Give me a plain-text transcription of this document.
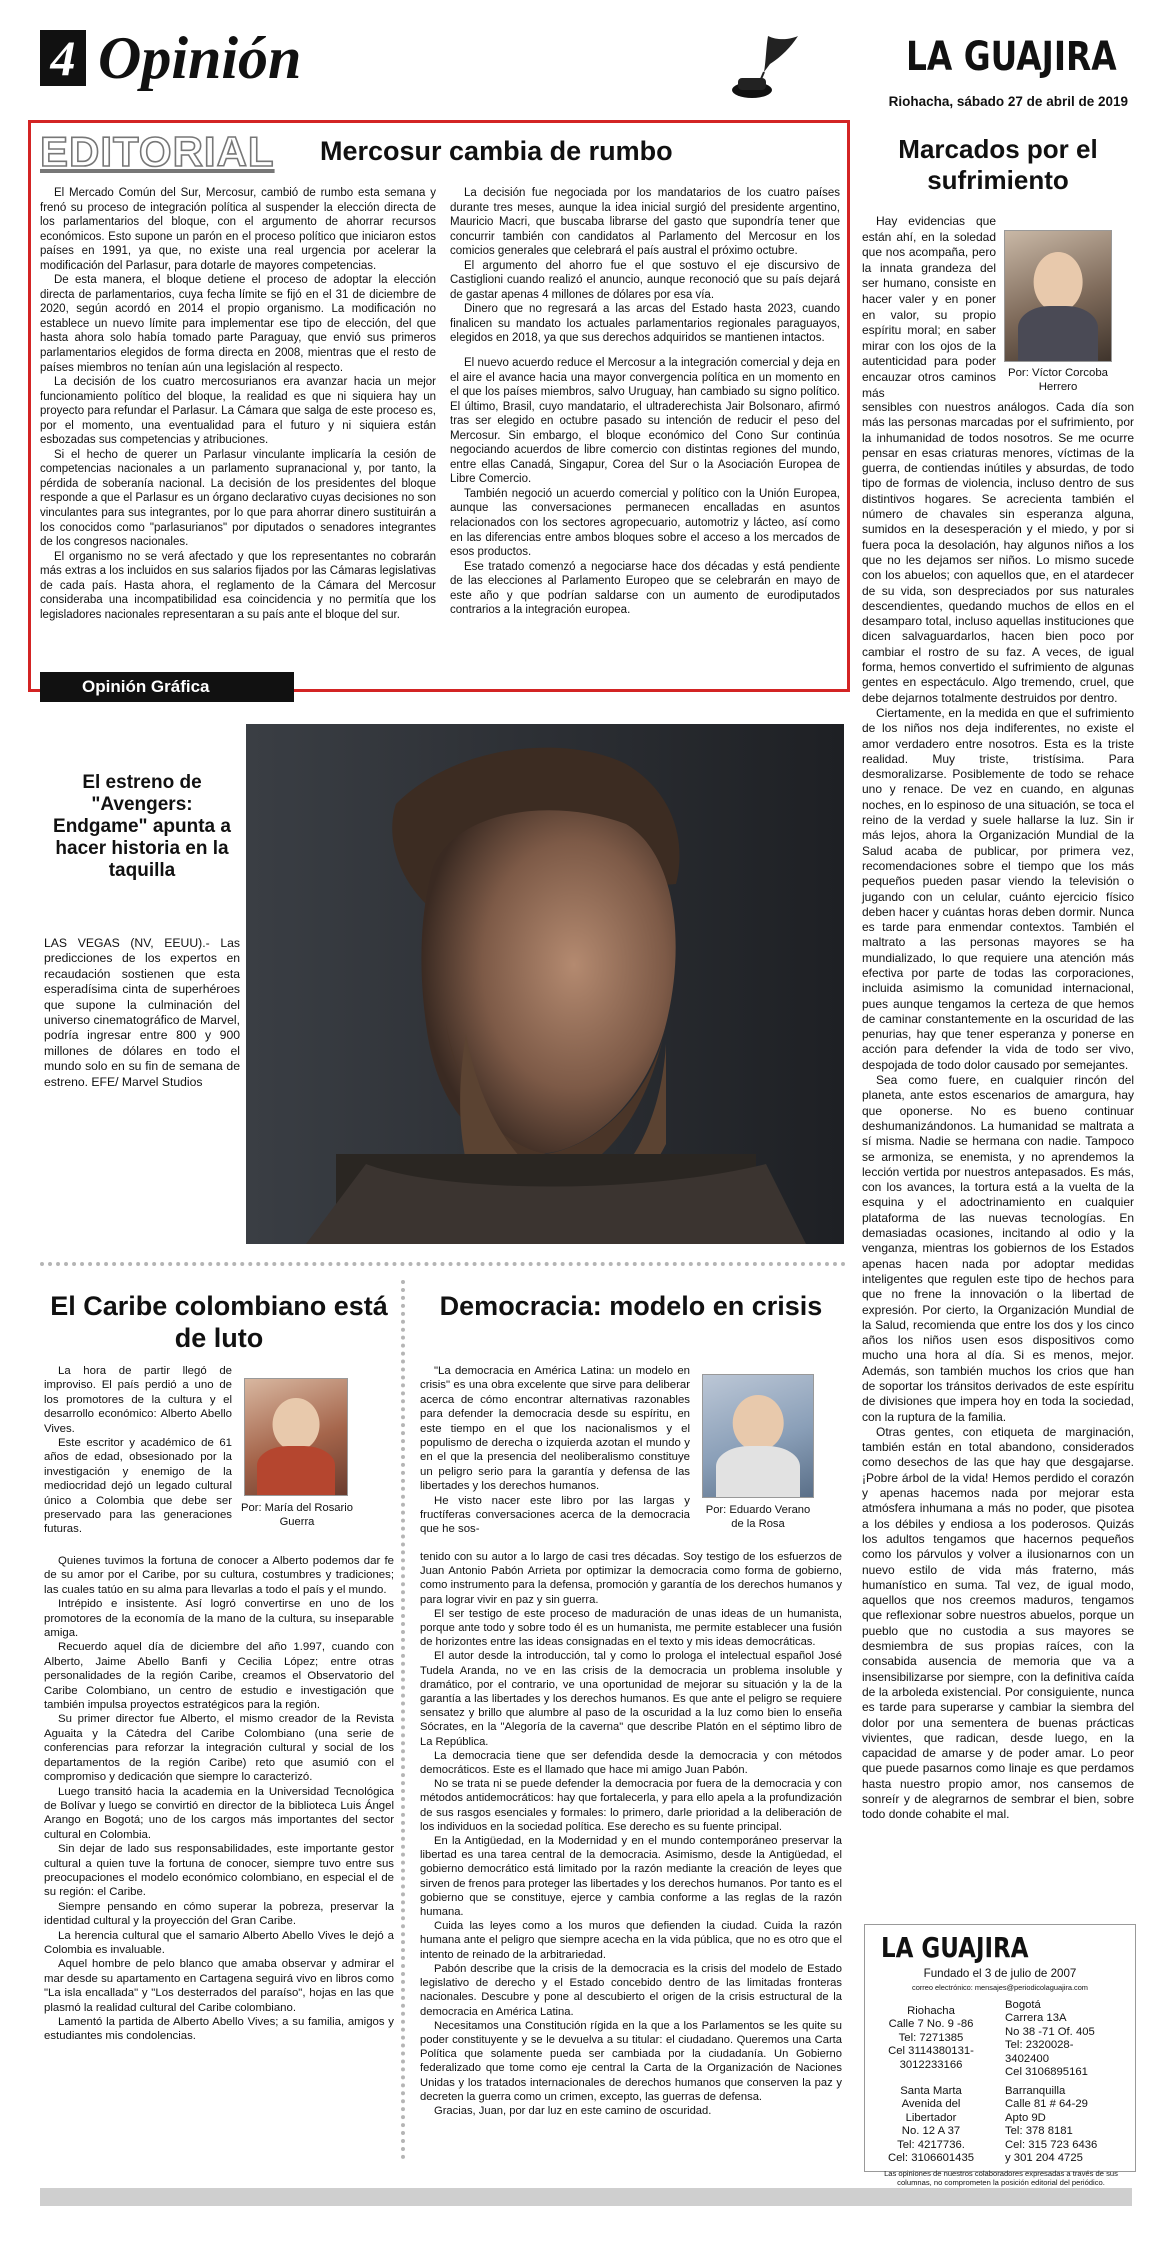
4 Opinión	LA GUAJIRA
Riohacha, sábado 27 de abril de 2019
EDITORIAL Mercosur cambia de rumbo

El Mercado Común del Sur, Mercosur, cambió de rumbo esta semana y frenó su proceso de integración política al suspender la elección directa de los parlamentarios del bloque, con el argumento de ahorrar recursos económicos. Esto supone un parón en el proceso político que iniciaron estos países en 1991, ya que, no existe una real urgencia por acelerar la modificación del Parlasur, para dotarle de mayores competencias.

De esta manera, el bloque detiene el proceso de adoptar la elección directa de parlamentarios, cuya fecha límite se fijó en el 31 de diciembre de 2020, según acordó en 2014 el propio organismo. La modificación no establece un nuevo límite para implementar ese tipo de elección, del que hasta ahora solo había tomado parte Paraguay, que envió sus primeros parlamentarios elegidos de forma directa en 2008, mientras que el resto de países miembros no tenían aún una legislación al respecto.

La decisión de los cuatro mercosurianos era avanzar hacia un mejor funcionamiento político del bloque, la realidad es que ni siquiera hay un proyecto para refundar el Parlasur. La Cámara que salga de este proceso es, por el momento, una eventualidad para el futuro y ni siquiera están esbozadas sus competencias y atribuciones.

Si el hecho de querer un Parlasur vinculante implicaría la cesión de competencias nacionales a un parlamento supranacional y, por tanto, la pérdida de soberanía nacional. La decisión de los presidentes del bloque responde a que el Parlasur es un órgano declarativo cuyas decisiones no son vinculantes para sus integrantes, por lo que para ahorrar dinero sustituirán a los conocidos como "parlasurianos" por diputados o senadores integrantes de los congresos nacionales.

El organismo no se verá afectado y que los representantes no cobrarán más extras a los incluidos en sus salarios fijados por las Cámaras legislativas de cada país. Hasta ahora, el reglamento de la Cámara del Mercosur consideraba una incompatibilidad esa coincidencia y no permitía que los legisladores nacionales representaran a su país ante el bloque del sur.

La decisión fue negociada por los mandatarios de los cuatro países durante tres meses, aunque la idea inicial surgió del presidente argentino, Mauricio Macri, que buscaba librarse del gasto que supondría tener que concurrir también con candidatos al Parlamento del Mercosur en los comicios generales que celebrará el país austral el próximo octubre.

El argumento del ahorro fue el que sostuvo el eje discursivo de Castiglioni cuando realizó el anuncio, aunque reconoció que su país dejará de gastar apenas 4 millones de dólares por esa vía.

Dinero que no regresará a las arcas del Estado hasta 2023, cuando finalicen su mandato los actuales parlamentarios regionales paraguayos, elegidos en 2018, ya que sus derechos adquiridos se mantienen intactos.

El nuevo acuerdo reduce el Mercosur a la integración comercial y deja en el aire el avance hacia una mayor convergencia política en un momento en el que los países miembros, salvo Uruguay, han cambiado su signo político. El último, Brasil, cuyo mandatario, el ultraderechista Jair Bolsonaro, afirmó tras ser elegido en octubre pasado su intención de reducir el peso del Mercosur. Sin embargo, el bloque económico del Cono Sur continúa negociando acuerdos de libre comercio con distintas regiones del mundo, entre ellas Canadá, Singapur, Corea del Sur o la Asociación Europea de Libre Comercio.

También negoció un acuerdo comercial y político con la Unión Europea, aunque las conversaciones permanecen encalladas en asuntos relacionados con los sectores agropecuario, automotriz y lácteo, así como en las diferencias entre ambos bloques sobre el acceso a los mercados de esos productos.

Ese tratado comenzó a negociarse hace dos décadas y está pendiente de las elecciones al Parlamento Europeo que se celebrarán en mayo de este año y que podrían saldarse con un aumento de eurodiputados contrarios a la integración europea.

Opinión Gráfica
El estreno de "Avengers: Endgame" apunta a hacer historia en la taquilla
LAS VEGAS (NV, EEUU).- Las predicciones de los expertos en recaudación sostienen que esta esperadísima cinta de superhéroes que supone la culminación del universo cinematográfico de Marvel, podría ingresar entre 800 y 900 millones de dólares en todo el mundo solo en su fin de semana de estreno. EFE/ Marvel Studios
Marcados por el sufrimiento
Hay evidencias que están ahí, en la soledad que nos acompaña, pero la innata grandeza del ser humano, consiste en hacer valer y en poner en valor, su propio espíritu moral; en saber mirar con los ojos de la autenticidad para poder encauzar otros caminos más
Por: Víctor Corcoba Herrero

sensibles con nuestros análogos. Cada día son más las personas marcadas por el sufrimiento, por la inhumanidad de todos nosotros. Se me ocurre pensar en esas criaturas menores, víctimas de la guerra, de contiendas inútiles y absurdas, de todo tipo de formas de violencia, incluso dentro de sus distintivos hogares. Se acrecienta también el número de chavales sin esperanza alguna, sumidos en la desesperación y el miedo, y por si fuera poca la desolación, hay algunos niños a los que no les dejamos ser niños. Lo mismo sucede con los abuelos; con aquellos que, en el atardecer de su vida, son despreciados por sus naturales descendientes, quedando muchos de ellos en el desamparo total, incluso aquellas instituciones que dicen salvaguardarlos, hacen bien poco por cambiar el rostro de su faz. A veces, de igual forma, hemos convertido el sufrimiento de algunas gentes en espectáculo. Algo tremendo, cruel, que debe dejarnos totalmente destruidos por dentro.

Ciertamente, en la medida en que el sufrimiento de los niños nos deja indiferentes, no existe el amor verdadero entre nosotros. Esta es la triste realidad. Muy triste, tristísima. Para desmoralizarse. Posiblemente de todo se rehace uno y renace. De vez en cuando, en algunas noches, en lo espinoso de una situación, se toca el reino de la verdad y suele hallarse la luz. Sin ir más lejos, ahora la Organización Mundial de la Salud acaba de publicar, por primera vez, recomendaciones sobre el tiempo que los más pequeños pueden pasar viendo la televisión o jugando con un celular, cuánto ejercicio físico deben hacer y cuántas horas deben dormir. Nunca es tarde para enmendar contextos. También el maltrato a las personas mayores se ha mundializado, lo que requiere una atención más efectiva por parte de todas las corporaciones, incluida asimismo la comunidad internacional, pues aunque tengamos la certeza de que hemos de caminar constantemente en la oscuridad de las penurias, hay que tener esperanza y ponerse en acción para defender la vida de todo ser vivo, despojada de todo dolor causado por semejantes.

Sea como fuere, en cualquier rincón del planeta, ante estos escenarios de amargura, hay que oponerse. No es bueno continuar deshumanizándonos. La humanidad se maltrata a sí misma. Nadie se hermana con nadie. Tampoco se armoniza, se enemista, y no aprendemos la lección vertida por nuestros antepasados. Es más, con los avances, la tortura está a la vuelta de la esquina y el adoctrinamiento en cualquier plataforma de las nuevas tecnologías. En demasiadas ocasiones, incitando al odio y la venganza, mientras los gobiernos de los Estados apenas hacen nada por adoptar medidas inteligentes que regulen este tipo de hechos para que no frene la innovación o la libertad de expresión. Por cierto, la Organización Mundial de la Salud, recomienda que entre los dos y los cinco años los niños usen esos dispositivos como mucho una hora al día. Si es menos, mejor. Además, son también muchos los crios que han de soportar los tránsitos derivados de este espíritu de divisiones que impera hoy en toda la sociedad, con la ruptura de la familia.

Otras gentes, con etiqueta de marginación, también están en total abandono, considerados como desechos de las que hay que desgajarse. ¡Pobre árbol de la vida! Hemos perdido el corazón y apenas hacemos nada por mejorar esta atmósfera inhumana a más no poder, que pisotea a los débiles y endiosa a los poderosos. Quizás los adultos tengamos que hacernos pequeños como los párvulos y volver a ilusionarnos con un nuevo estilo de vida más fraterno, más humanístico en suma. Tal vez, de igual modo, aquellos que nos creemos maduros, tengamos que reflexionar sobre nuestros abuelos, porque un pueblo que no custodia a sus mayores se desmiembra de sus propias raíces, con la consabida ausencia de memoria que va a insensibilizarse por siempre, con la definitiva caída de la arboleda existencial. Por consiguiente, nunca es tarde para superarse y cambiar la siembra del dolor por una sementera de buenas prácticas vivientes, que radican, desde luego, en la capacidad de amarse y de poder amar. Lo peor que puede pasarnos como linaje es que perdamos hasta nuestro propio amor, nos cansemos de sonreír y de alegrarnos de sembrar el bien, sobre todo donde cohabite el mal.

El Caribe colombiano está de luto

La hora de partir llegó de improviso. El país perdió a uno de los promotores de la cultura y el desarrollo económico: Alberto Abello Vives.

Este escritor y académico de 61 años de edad, obsesionado por la investigación y enemigo de la mediocridad dejó un legado cultural único a Colombia que debe ser preservado para las generaciones futuras.

Por: María del Rosario Guerra

Quienes tuvimos la fortuna de conocer a Alberto podemos dar fe de su amor por el Caribe, por su cultura, costumbres y tradiciones; las cuales tatúo en su alma para llevarlas a todo el país y el mundo.

Intrépido e insistente. Así logró convertirse en uno de los promotores de la economía de la mano de la cultura, su inseparable amiga.

Recuerdo aquel día de diciembre del año 1.997, cuando con Alberto, Jaime Abello Banfi y Cecilia López; entre otras personalidades de la región Caribe, creamos el Observatorio del Caribe Colombiano, un centro de estudio e investigación que también impulsa proyectos estratégicos para la región.

Su primer director fue Alberto, el mismo creador de la Revista Aguaita y la Cátedra del Caribe Colombiano (una serie de conferencias para reforzar la integración cultural y social de los departamentos de la región Caribe) reto que asumió con el compromiso y dedicación que siempre lo caracterizó.

Luego transitó hacia la academia en la Universidad Tecnológica de Bolívar y luego se convirtió en director de la biblioteca Luis Ángel Arango en Bogotá; uno de los cargos más importantes del sector cultural en Colombia.

Sin dejar de lado sus responsabilidades, este importante gestor cultural a quien tuve la fortuna de conocer, siempre tuvo entre sus preocupaciones el modelo económico colombiano, en especial el de su región: el Caribe.

Siempre pensando en cómo superar la pobreza, preservar la identidad cultural y la proyección del Gran Caribe.

La herencia cultural que el samario Alberto Abello Vives le dejó a Colombia es invaluable.

Aquel hombre de pelo blanco que amaba observar y admirar el mar desde su apartamento en Cartagena seguirá vivo en libros como "La isla encallada" y "Los desterrados del paraíso", hojas en las que plasmó la realidad cultural del Caribe colombiano.

Lamentó la partida de Alberto Abello Vives; a su familia, amigos y estudiantes mis condolencias.

Democracia: modelo en crisis

"La democracia en América Latina: un modelo en crisis" es una obra excelente que sirve para deliberar acerca de cómo encontrar alternativas razonables para defender la democracia desde su espíritu, en este tiempo en el que los nacionalismos y el populismo de derecha o izquierda azotan el mundo y en el que la presencia del neoliberalismo constituye un peligro serio para la garantía y defensa de las libertades y los derechos humanos.

He visto nacer este libro por las largas y fructíferas conversaciones acerca de la democracia que he sos-

Por: Eduardo Verano de la Rosa

tenido con su autor a lo largo de casi tres décadas. Soy testigo de los esfuerzos de Juan Antonio Pabón Arrieta por optimizar la democracia como forma de gobierno, como instrumento para la defensa, promoción y garantía de los derechos humanos y para lograr vivir en paz y sin guerra.

El ser testigo de este proceso de maduración de unas ideas de un humanista, porque ante todo y sobre todo él es un humanista, me permite establecer una fusión de horizontes entre las ideas consignadas en el texto y mis ideas democráticas.

El autor desde la introducción, tal y como lo prologa el intelectual español José Tudela Aranda, no ve en las crisis de la democracia un problema insoluble y dramático, por el contrario, ve una oportunidad de mejorar su situación y la de la garantía a las libertades y los derechos humanos. Es que ante el peligro se requiere sensatez y brillo que alumbre al paso de la oscuridad a la luz como bien lo enseña Sócrates, en la "Alegoría de la caverna" que describe Platón en el séptimo libro de La República.

La democracia tiene que ser defendida desde la democracia y con métodos democráticos. Este es el llamado que hace mi amigo Juan Pabón.

No se trata ni se puede defender la democracia por fuera de la democracia y con métodos antidemocráticos: hay que fortalecerla, y para ello apela a la profundización de sus rasgos esenciales y formales: lo primero, darle prioridad a la deliberación de los individuos en la sociedad política. Ese derecho es su fuente principal.

En la Antigüedad, en la Modernidad y en el mundo contemporáneo preservar la libertad es una tarea central de la democracia. Asimismo, desde la Antigüedad, el gobierno democrático está limitado por la razón mediante la creación de leyes que sirven de frenos para proteger las libertades y los derechos humanos. Por tanto es el gobierno que se constituye, ejerce y cambia conforme a las reglas de la razón humana.

Cuida las leyes como a los muros que defienden la ciudad. Cuida la razón humana ante el peligro que siempre acecha en la vida pública, que no es otro que el intento de reinado de la arbitrariedad.

Pabón describe que la crisis de la democracia es la crisis del modelo de Estado legislativo de derecho y el Estado concebido dentro de las limitadas fronteras nacionales. Descubre y pone al descubierto el origen de la crisis estructural de la democracia en América Latina.

Necesitamos una Constitución rígida en la que a los Parlamentos se les quite su poder constituyente y se le devuelva a su titular: el ciudadano. Queremos una Carta Política que solamente pueda ser cambiada por la ciudadanía. Un Gobierno federalizado que tome como eje central la Carta de la Organización de Naciones Unidas y los tratados internacionales de derechos humanos que conserven la paz y decreten la guerra como un crimen, excepto, las guerras de defensa.

Gracias, Juan, por dar luz en este camino de oscuridad.

LA GUAJIRA
Fundado el 3 de julio de 2007
correo electrónico: mensajes@periodicolaguajira.com
Riohacha
Calle 7 No. 9 -86
Tel: 7271385
Cel 3114380131-
3012233166
Bogotá
Carrera 13A
No 38 -71 Of. 405
Tel: 2320028-
3402400
Cel 3106895161
Santa Marta
Avenida del
Libertador
No. 12 A 37
Tel: 4217736.
Cel: 3106601435
Barranquilla
Calle 81 # 64-29
Apto 9D
Tel: 378 8181
Cel: 315 723 6436
y 301 204 4725
Las opiniones de nuestros colaboradores expresadas a través de sus columnas, no comprometen la posición editorial del periódico.
